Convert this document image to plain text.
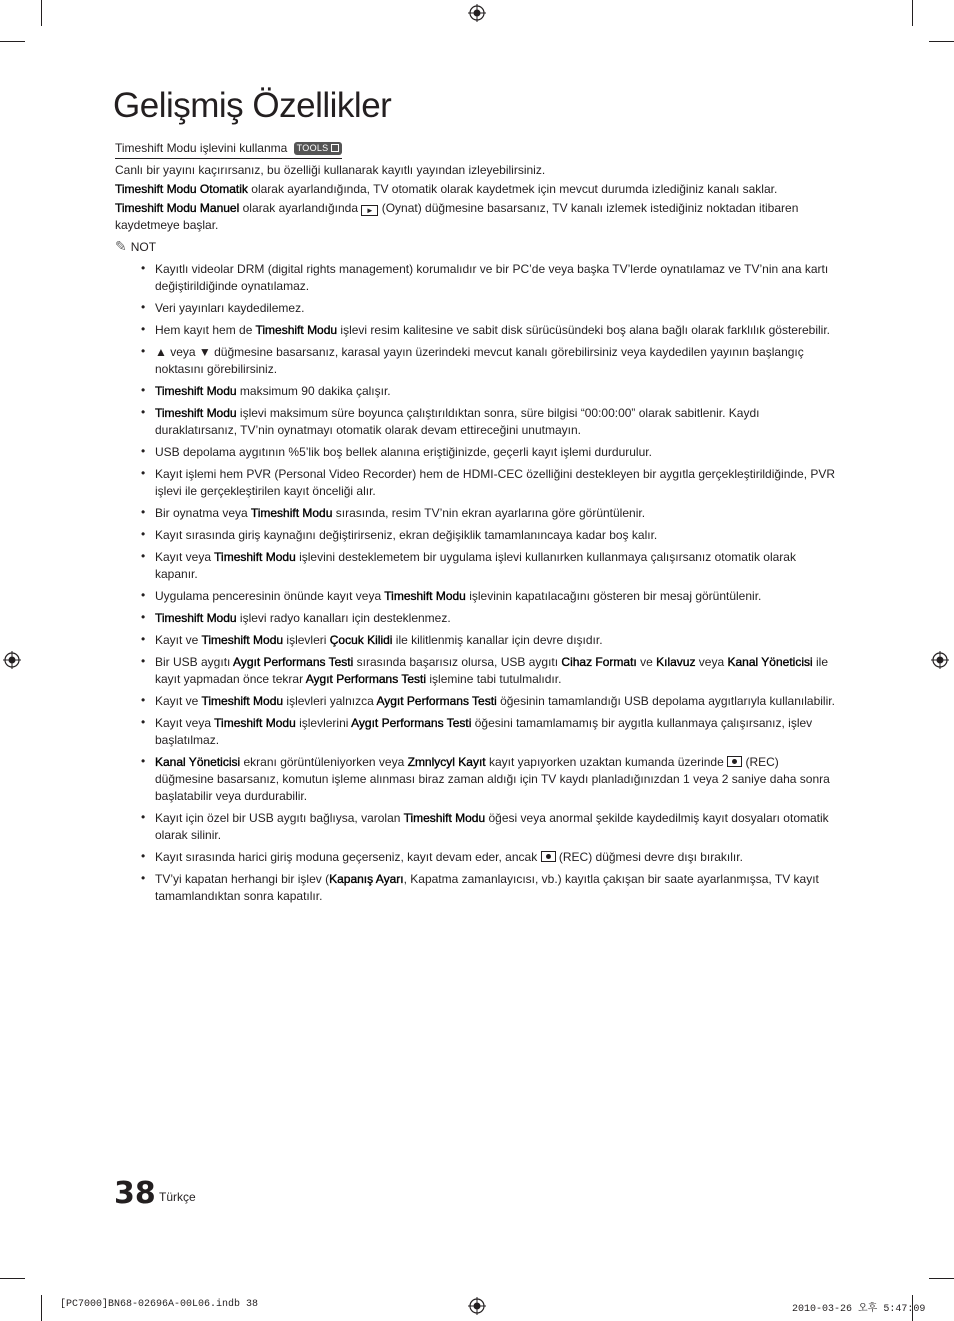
Gelişmiş Özellikler
Timeshift Modu işlevini kullanma TOOLS

Canlı bir yayını kaçırırsanız, bu özelliği kullanarak kayıtlı yayından izleyebilirsiniz.

Timeshift Modu Otomatik olarak ayarlandığında, TV otomatik olarak kaydetmek için mevcut durumda izlediğiniz kanalı saklar.

Timeshift Modu Manuel olarak ayarlandığında ► (Oynat) düğmesine basarsanız, TV kanalı izlemek istediğiniz noktadan itibaren kaydetmeye başlar.

✎ NOT
• Kayıtlı videolar DRM (digital rights management) korumalıdır ve bir PC’de veya başka TV’lerde oynatılamaz ve TV’nin ana kartı değiştirildiğinde oynatılamaz.
• Veri yayınları kaydedilemez.
• Hem kayıt hem de Timeshift Modu işlevi resim kalitesine ve sabit disk sürücüsündeki boş alana bağlı olarak farklılık gösterebilir.
• ▲ veya ▼ düğmesine basarsanız, karasal yayın üzerindeki mevcut kanalı görebilirsiniz veya kaydedilen yayının başlangıç noktasını görebilirsiniz.
• Timeshift Modu maksimum 90 dakika çalışır.
• Timeshift Modu işlevi maksimum süre boyunca çalıştırıldıktan sonra, süre bilgisi “00:00:00” olarak sabitlenir. Kaydı duraklatırsanız, TV’nin oynatmayı otomatik olarak devam ettireceğini unutmayın.
• USB depolama aygıtının %5’lik boş bellek alanına eriştiğinizde, geçerli kayıt işlemi durdurulur.
• Kayıt işlemi hem PVR (Personal Video Recorder) hem de HDMI-CEC özelliğini destekleyen bir aygıtla gerçekleştirildiğinde, PVR işlevi ile gerçekleştirilen kayıt önceliği alır.
• Bir oynatma veya Timeshift Modu sırasında, resim TV’nin ekran ayarlarına göre görüntülenir.
• Kayıt sırasında giriş kaynağını değiştirirseniz, ekran değişiklik tamamlanıncaya kadar boş kalır.
• Kayıt veya Timeshift Modu işlevini desteklemetem bir uygulama işlevi kullanırken kullanmaya çalışırsanız otomatik olarak kapanır.
• Uygulama penceresinin önünde kayıt veya Timeshift Modu işlevinin kapatılacağını gösteren bir mesaj görüntülenir.
• Timeshift Modu işlevi radyo kanalları için desteklenmez.
• Kayıt ve Timeshift Modu işlevleri Çocuk Kilidi ile kilitlenmiş kanallar için devre dışıdır.
• Bir USB aygıtı Aygıt Performans Testi sırasında başarısız olursa, USB aygıtı Cihaz Formatı ve Kılavuz veya Kanal Yöneticisi ile kayıt yapmadan önce tekrar Aygıt Performans Testi işlemine tabi tutulmalıdır.
• Kayıt ve Timeshift Modu işlevleri yalnızca Aygıt Performans Testi öğesinin tamamlandığı USB depolama aygıtlarıyla kullanılabilir.
• Kayıt veya Timeshift Modu işlevlerini Aygıt Performans Testi öğesini tamamlamamış bir aygıtla kullanmaya çalışırsanız, işlev başlatılmaz.
• Kanal Yöneticisi ekranı görüntüleniyorken veya Zmnlycyl Kayıt kayıt yapıyorken uzaktan kumanda üzerinde  (REC) düğmesine basarsanız, komutun işleme alınması biraz zaman aldığı için TV kaydı planladığınızdan 1 veya 2 saniye daha sonra başlatabilir veya durdurabilir.
• Kayıt için özel bir USB aygıtı bağlıysa, varolan Timeshift Modu öğesi veya anormal şekilde kaydedilmiş kayıt dosyaları otomatik olarak silinir.
• Kayıt sırasında harici giriş moduna geçerseniz, kayıt devam eder, ancak  (REC) düğmesi devre dışı bırakılır.
• TV’yi kapatan herhangi bir işlev (Kapanış Ayarı, Kapatma zamanlayıcısı, vb.) kayıtla çakışan bir saate ayarlanmışsa, TV kayıt tamamlandıktan sonra kapatılır.
38 Türkçe
[PC7000]BN68-02696A-00L06.indb 38	2010-03-26 오후 5:47:09
